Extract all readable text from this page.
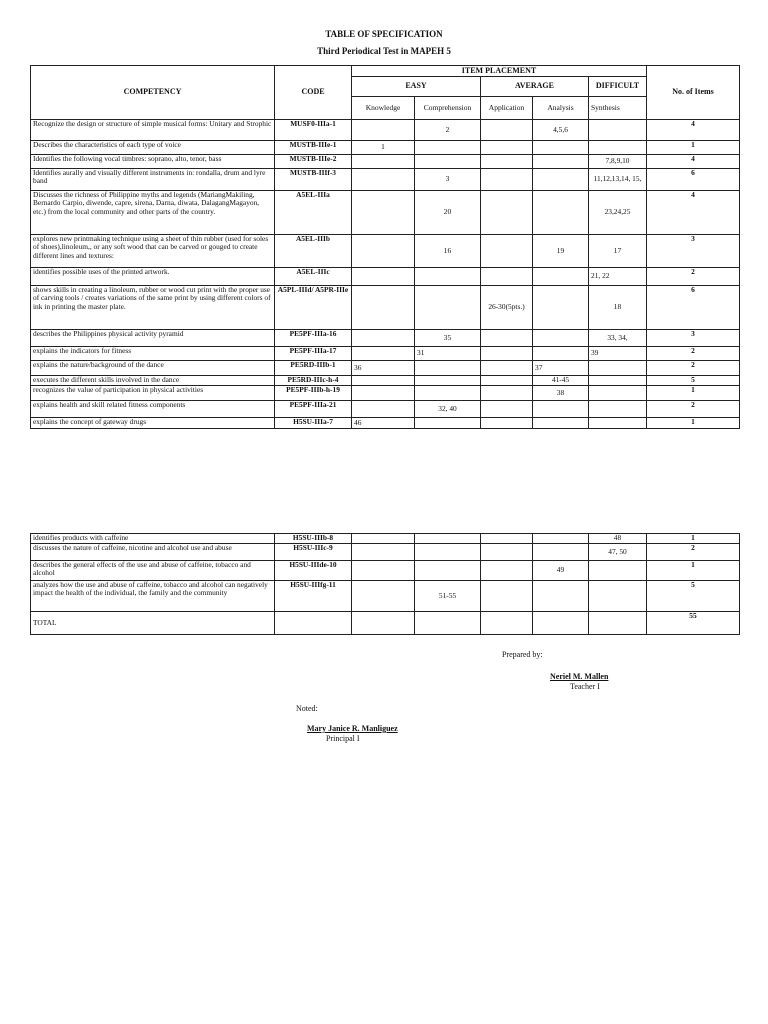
TABLE OF SPECIFICATION
Third Periodical Test in MAPEH 5
COMPETENCY	CODE	ITEM PLACEMENT					No. of Items
		EASY		AVERAGE		DIFFICULT	
		Knowledge	Comprehension	Application	Analysis	Synthesis	
Recognize the design or structure of simple musical forms: Unitary and Strophic	MUSF0-IIIa-1		2		4,5,6		4
Describes the characteristics of each type of voice	MUSTB-IIIe-1	1					1
Identifies the following vocal timbres: soprano, alto, tenor, bass	MUSTB-IIIe-2					7,8,9,10	4
Identifies aurally and visually different instruments in: rondalla, drum and lyre band	MUSTB-IIIf-3		3			11,12,13,14, 15,	6
Discusses the richness of Philippine myths and legends (MariangMakiling, Bernardo Carpio, diwende, capre, sirena, Darna, diwata, DalagangMagayon, etc.) from the local community and other parts of the country.	A5EL-IIIa		20			23,24,25	4
explores new printmaking technique using a sheet of thin rubber (used for soles of shoes),linoleum,, or any soft wood that can be carved or gouged to create different lines and textures:	A5EL-IIIb		16		19	17	3
identifies possible uses of the printed artwork.	A5EL-IIIc					21, 22	2
shows skills in creating a linoleum, rubber or wood cut print with the proper use of carving tools / creates variations of the same print by using different colors of ink in printing the master plate.	A5PL-IIId/ A5PR-IIIe			26-30(5pts.)		18	6
describes the Philippines physical activity pyramid	PE5PF-IIIa-16		35			33, 34,	3
explains the indicators for fitness	PE5PF-IIIa-17		31			39	2
explains the nature/background of the dance	PE5RD-IIIb-1	36			37		2
executes the different skills involved in the dance	PE5RD-IIIc-h-4				41-45		5
recognizes the value of participation in physical activities	PE5PF-IIIb-h-19				38		1
explains health and skill related fitness components	PE5PF-IIIa-21		32, 40				2
explains the concept of gateway drugs	H5SU-IIIa-7	46					1
identifies products with caffeine	H5SU-IIIb-8					48	1
discusses the nature of caffeine, nicotine and alcohol use and abuse	H5SU-IIIc-9					47, 50	2
describes the general effects of the use and abuse of caffeine, tobacco and alcohol	H5SU-IIIde-10				49		1
analyzes how the use and abuse of caffeine, tobacco and alcohol can negatively impact the health of the individual, the family and the community	H5SU-IIIfg-11		51-55				5
TOTAL							55
Prepared by:
Neriel M. Mallen
Teacher I
Noted:
Mary Janice R. Manliguez
Principal I
